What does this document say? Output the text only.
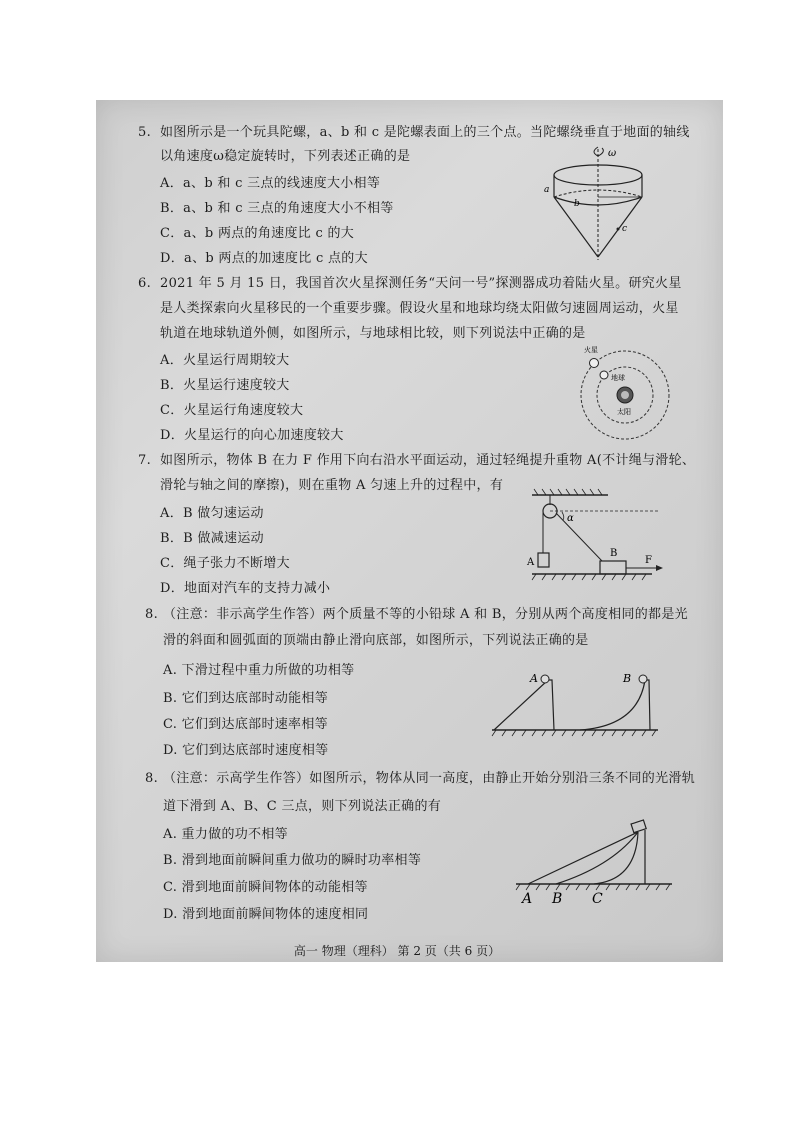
5. 如图所示是一个玩具陀螺，a、b 和 c 是陀螺表面上的三个点。当陀螺绕垂直于地面的轴线
以角速度ω稳定旋转时，下列表述正确的是
A．a、b 和 c 三点的线速度大小相等
B．a、b 和 c 三点的角速度大小不相等
C．a、b 两点的角速度比 c 的大
D．a、b 两点的加速度比 c 点的大
ω
a
b
c
6. 2021 年 5 月 15 日，我国首次火星探测任务“天问一号”探测器成功着陆火星。研究火星
是人类探索向火星移民的一个重要步骤。假设火星和地球均绕太阳做匀速圆周运动，火星
轨道在地球轨道外侧，如图所示，与地球相比较，则下列说法中正确的是
A．火星运行周期较大
B．火星运行速度较大
C．火星运行角速度较大
D．火星运行的向心加速度较大
火星
地球
太阳
7. 如图所示，物体 B 在力 F 作用下向右沿水平面运动，通过轻绳提升重物 A(不计绳与滑轮、
滑轮与轴之间的摩擦)，则在重物 A 匀速上升的过程中，有
A．B 做匀速运动
B．B 做减速运动
C．绳子张力不断增大
D．地面对汽车的支持力减小
A
α
B
F
8. （注意：非示高学生作答）两个质量不等的小铅球 A 和 B，分别从两个高度相同的都是光
滑的斜面和圆弧面的顶端由静止滑向底部，如图所示，下列说法正确的是
A. 下滑过程中重力所做的功相等
B. 它们到达底部时动能相等
C. 它们到达底部时速率相等
D. 它们到达底部时速度相等
A	B
8. （注意：示高学生作答）如图所示，物体从同一高度，由静止开始分别沿三条不同的光滑轨
道下滑到 A、B、C 三点，则下列说法正确的有
A. 重力做的功不相等
B. 滑到地面前瞬间重力做功的瞬时功率相等
C. 滑到地面前瞬间物体的动能相等
D. 滑到地面前瞬间物体的速度相同
A B C
高一 物理（理科） 第 2 页（共 6 页）
